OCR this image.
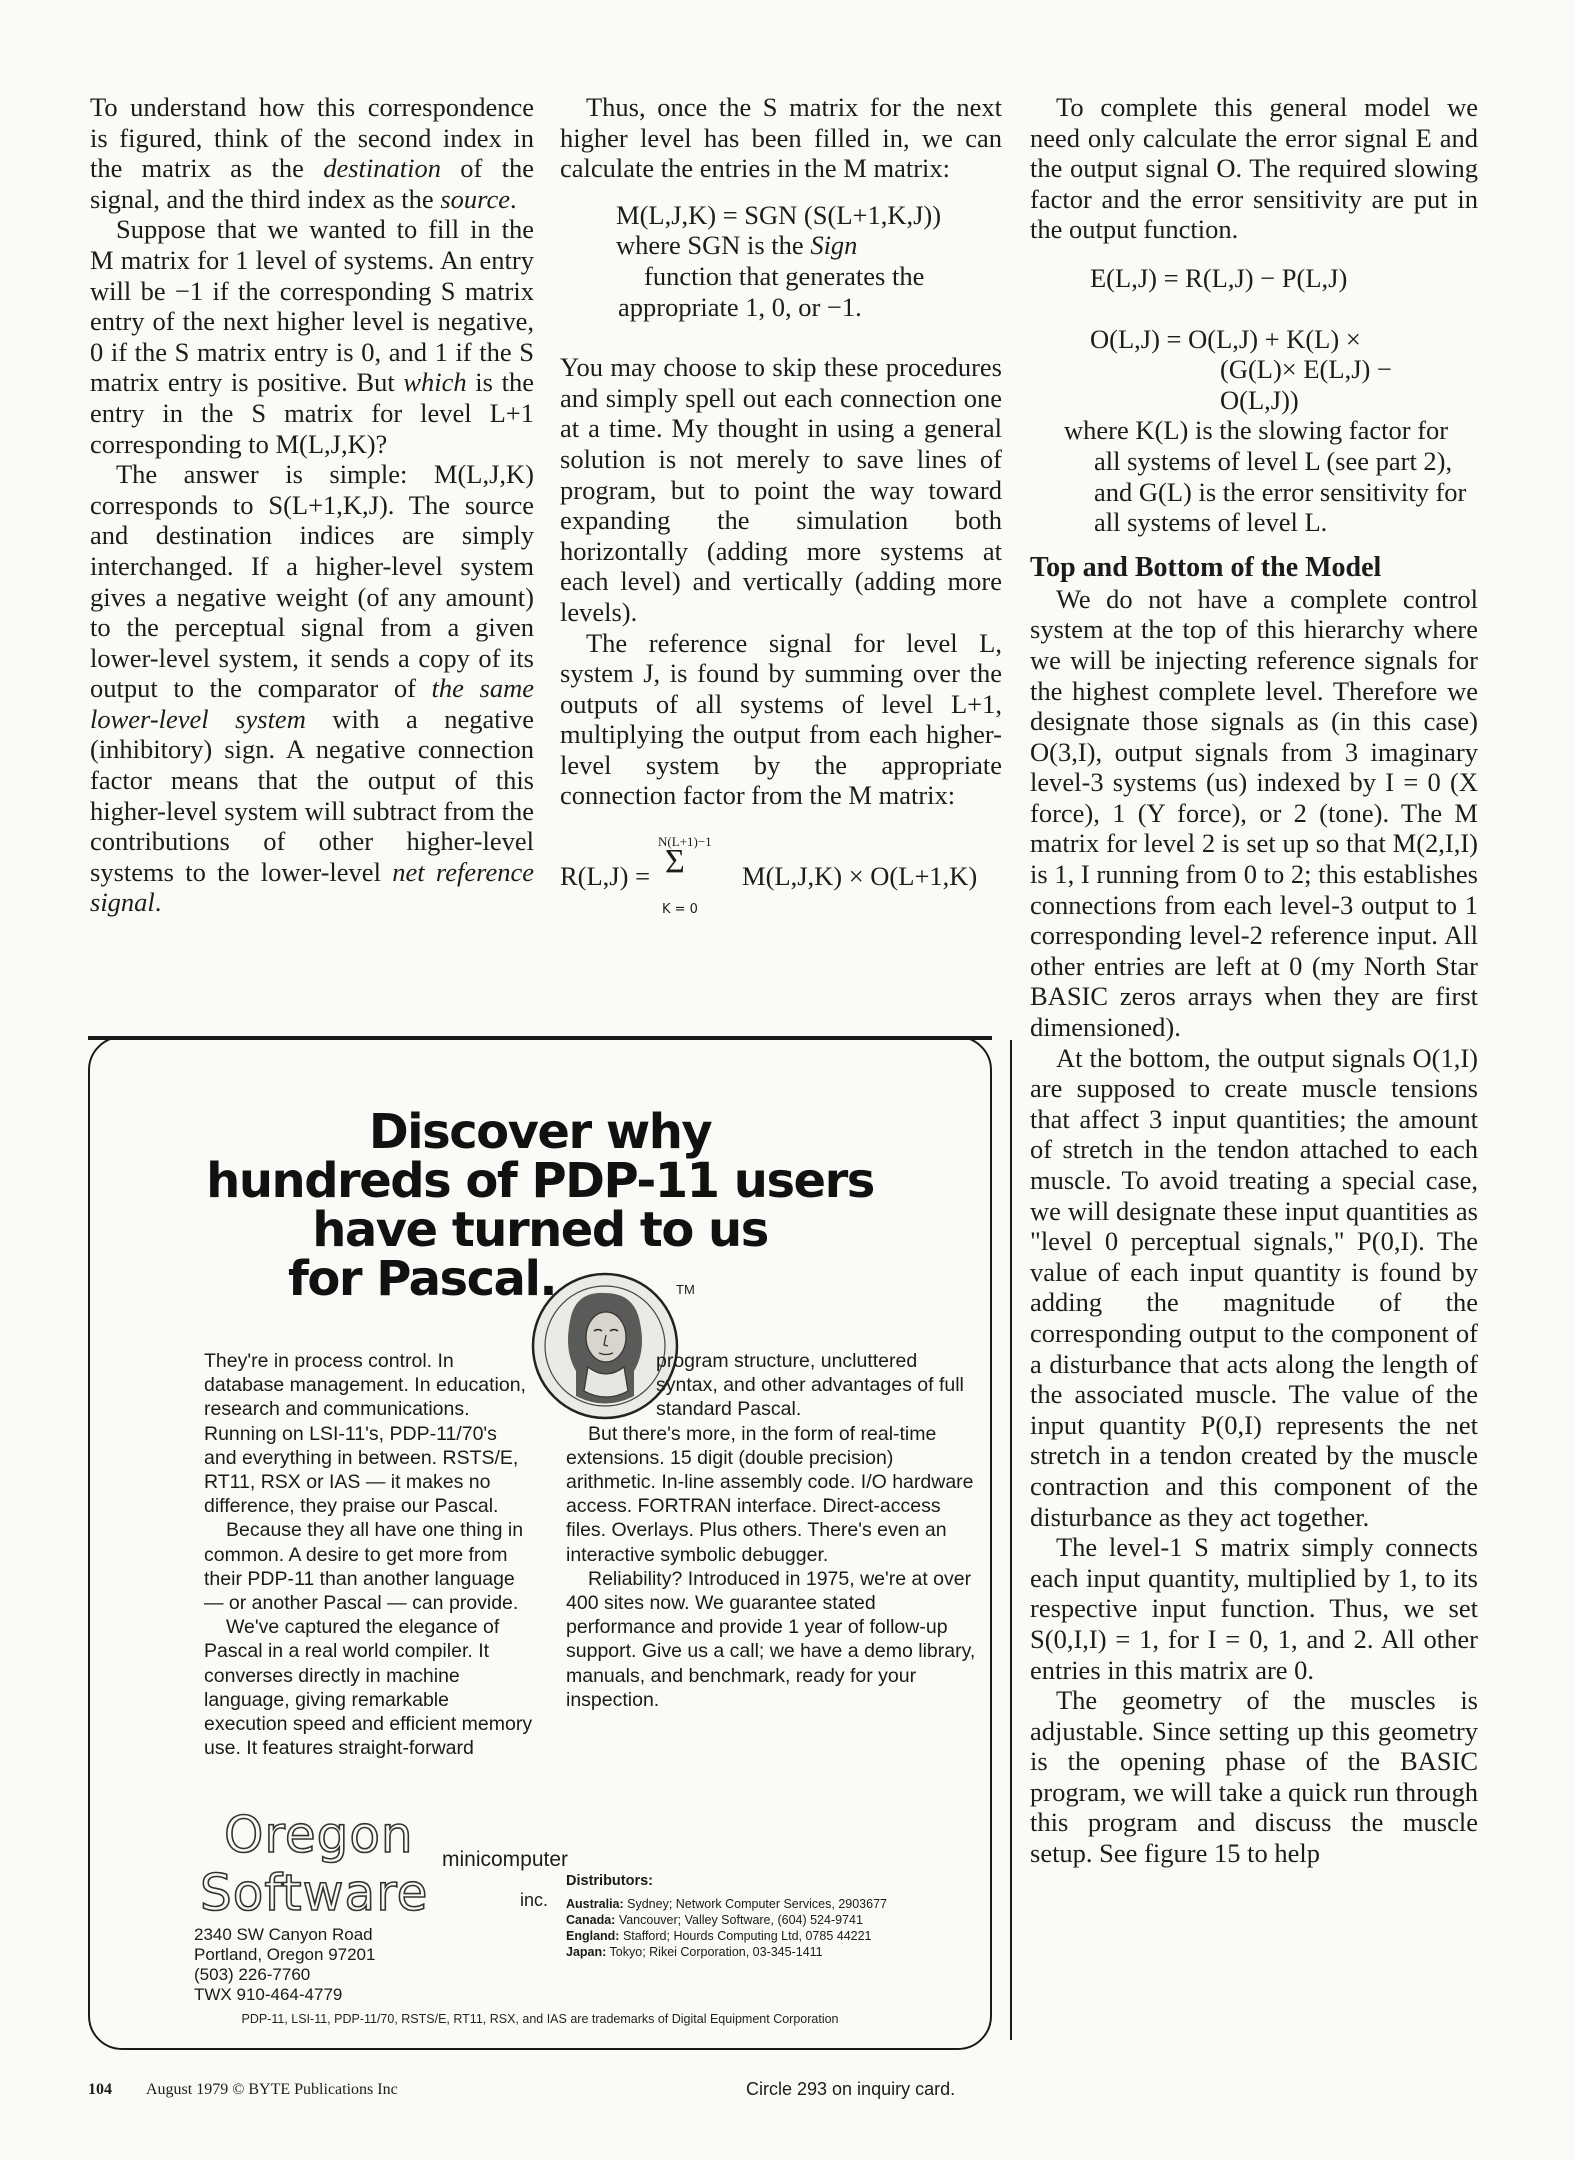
To understand how this correspondence is figured, think of the second index in the matrix as the destination of the signal, and the third index as the source.

Suppose that we wanted to fill in the M matrix for 1 level of systems. An entry will be −1 if the corresponding S matrix entry of the next higher level is negative, 0 if the S matrix entry is 0, and 1 if the S matrix entry is positive. But which is the entry in the S matrix for level L+1 corresponding to M(L,J,K)?

The answer is simple: M(L,J,K) corresponds to S(L+1,K,J). The source and destination indices are simply interchanged. If a higher-level system gives a negative weight (of any amount) to the perceptual signal from a given lower-level system, it sends a copy of its output to the comparator of the same lower-level system with a negative (inhibitory) sign. A negative connection factor means that the output of this higher-level system will subtract from the contributions of other higher-level systems to the lower-level net reference signal.

Thus, once the S matrix for the next higher level has been filled in, we can calculate the entries in the M matrix:

M(L,J,K) = SGN (S(L+1,K,J))

where SGN is the Sign

function that generates the appropriate 1, 0, or −1.

You may choose to skip these procedures and simply spell out each connection one at a time. My thought in using a general solution is not merely to save lines of program, but to point the way toward expanding the simulation both horizontally (adding more systems at each level) and vertically (adding more levels).

The reference signal for level L, system J, is found by summing over the outputs of all systems of level L+1, multiplying the output from each higher-level system by the appropriate connection factor from the M matrix:

R(L,J) =
N(L+1)−1
Σ
K = 0
M(L,J,K) × O(L+1,K)

To complete this general model we need only calculate the error signal E and the output signal O. The required slowing factor and the error sensitivity are put in the output function.

E(L,J) = R(L,J) − P(L,J)

O(L,J) = O(L,J) + K(L) ×

(G(L)× E(L,J) −

O(L,J))

where K(L) is the slowing factor for all systems of level L (see part 2), and G(L) is the error sensitivity for all systems of level L.

Top and Bottom of the Model

We do not have a complete control system at the top of this hierarchy where we will be injecting reference signals for the highest complete level. Therefore we designate those signals as (in this case) O(3,I), output signals from 3 imaginary level-3 systems (us) indexed by I = 0 (X force), 1 (Y force), or 2 (tone). The M matrix for level 2 is set up so that M(2,I,I) is 1, I running from 0 to 2; this establishes connections from each level-3 output to 1 corresponding level-2 reference input. All other entries are left at 0 (my North Star BASIC zeros arrays when they are first dimensioned).

At the bottom, the output signals O(1,I) are supposed to create muscle tensions that affect 3 input quantities; the amount of stretch in the tendon attached to each muscle. To avoid treating a special case, we will designate these input quantities as "level 0 perceptual signals," P(0,I). The value of each input quantity is found by adding the magnitude of the corresponding output to the component of a disturbance that acts along the length of the associated muscle. The value of the input quantity P(0,I) represents the net stretch in a tendon created by the muscle contraction and this component of the disturbance as they act together.

The level-1 S matrix simply connects each input quantity, multiplied by 1, to its respective input function. Thus, we set S(0,I,I) = 1, for I = 0, 1, and 2. All other entries in this matrix are 0.

The geometry of the muscles is adjustable. Since setting up this geometry is the opening phase of the BASIC program, we will take a quick run through this program and discuss the muscle setup. See figure 15 to help

Discover why
hundreds of PDP-11 users
have turned to us
for Pascal.	TM

They're in process control. In database management. In education, research and communications. Running on LSI-11's, PDP-11/70's and everything in between. RSTS/E, RT11, RSX or IAS — it makes no difference, they praise our Pascal.

Because they all have one thing in common. A desire to get more from their PDP-11 than another language — or another Pascal — can provide.

We've captured the elegance of Pascal in a real world compiler. It converses directly in machine language, giving remarkable execution speed and efficient memory use. It features straight-forward

program structure, uncluttered syntax, and other advantages of full standard Pascal.

But there's more, in the form of real-time extensions. 15 digit (double precision) arithmetic. In-line assembly code. I/O hardware access. FORTRAN interface. Direct-access files. Overlays. Plus others. There's even an interactive symbolic debugger.

Reliability? Introduced in 1975, we're at over 400 sites now. We guarantee stated performance and provide 1 year of follow-up support. Give us a call; we have a demo library, manuals, and benchmark, ready for your inspection.

Oregon minicomputer
Software	inc.
2340 SW Canyon Road
Portland, Oregon 97201
(503) 226-7760
TWX 910-464-4779
Distributors:
Australia: Sydney; Network Computer Services, 2903677
Canada: Vancouver; Valley Software, (604) 524-9741
England: Stafford; Hourds Computing Ltd, 0785 44221
Japan: Tokyo; Rikei Corporation, 03-345-1411
PDP-11, LSI-11, PDP-11/70, RSTS/E, RT11, RSX, and IAS are trademarks of Digital Equipment Corporation
104 August 1979 © BYTE Publications Inc	Circle 293 on inquiry card.
